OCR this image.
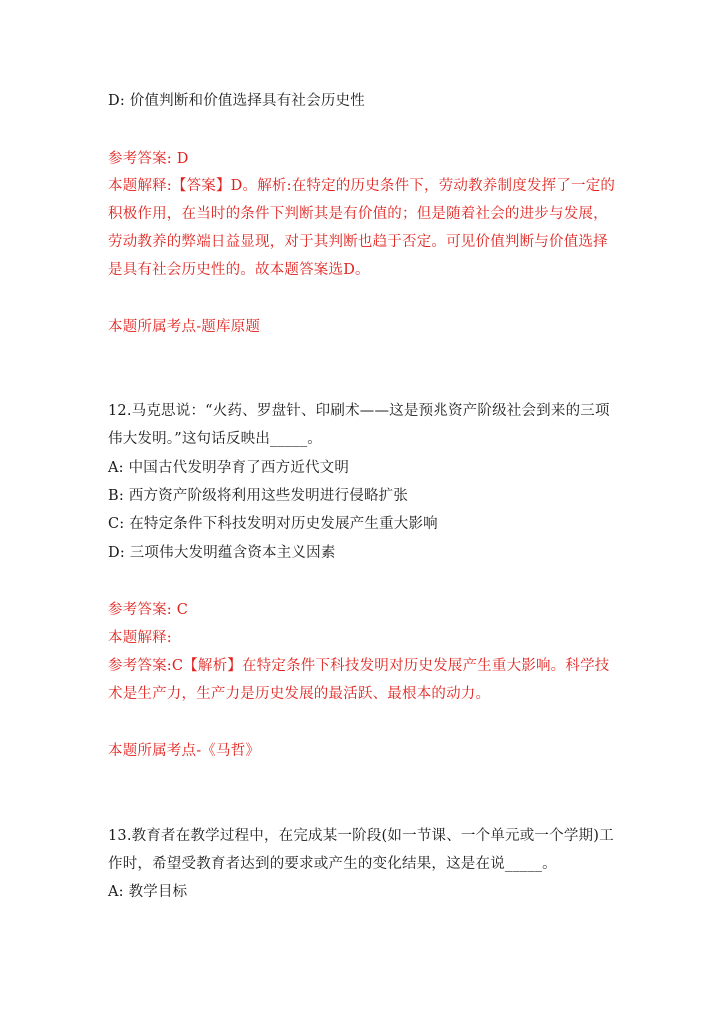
D: 价值判断和价值选择具有社会历史性
参考答案: D
本题解释:【答案】D。解析:在特定的历史条件下，劳动教养制度发挥了一定的
积极作用，在当时的条件下判断其是有价值的；但是随着社会的进步与发展，
劳动教养的弊端日益显现，对于其判断也趋于否定。可见价值判断与价值选择
是具有社会历史性的。故本题答案选D。
本题所属考点-题库原题
12.马克思说：“火药、罗盘针、印刷术——这是预兆资产阶级社会到来的三项
伟大发明。”这句话反映出_____。
A: 中国古代发明孕育了西方近代文明
B: 西方资产阶级将利用这些发明进行侵略扩张
C: 在特定条件下科技发明对历史发展产生重大影响
D: 三项伟大发明蕴含资本主义因素
参考答案: C
本题解释:
参考答案:C【解析】在特定条件下科技发明对历史发展产生重大影响。科学技
术是生产力，生产力是历史发展的最活跃、最根本的动力。
本题所属考点-《马哲》
13.教育者在教学过程中，在完成某一阶段(如一节课、一个单元或一个学期)工
作时，希望受教育者达到的要求或产生的变化结果，这是在说_____。
A: 教学目标
